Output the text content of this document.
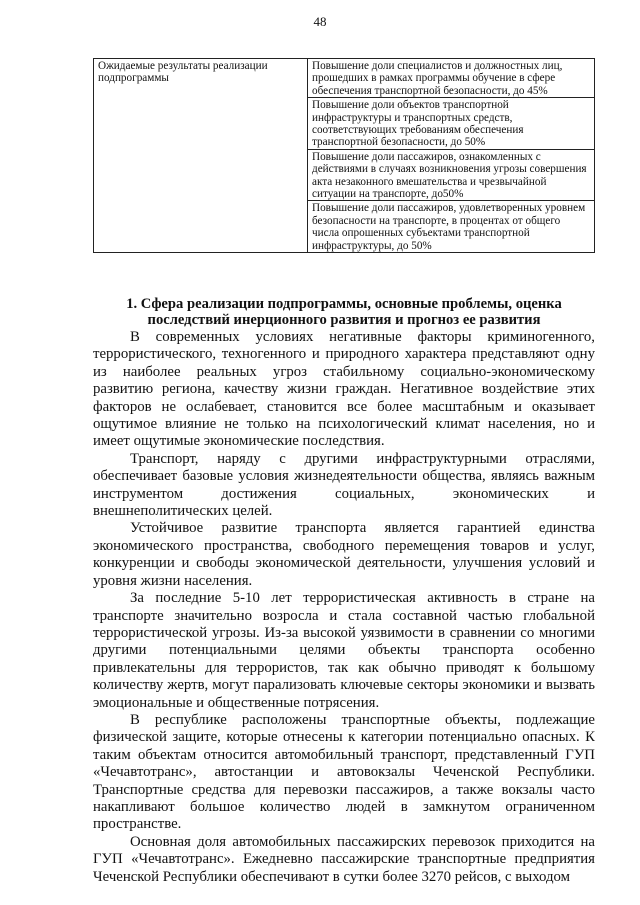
48
Ожидаемые результаты реализации подпрограммы	Повышение доли специалистов и должностных лиц, прошедших в рамках программы обучение в сфере обеспечения транспортной безопасности, до 45%
Повышение доли объектов транспортной инфраструктуры и транспортных средств, соответствующих требованиям обеспечения транспортной безопасности, до 50%
Повышение доли пассажиров, ознакомленных с действиями в случаях возникновения угрозы совершения акта незаконного вмешательства и чрезвычайной ситуации на транспорте, до50%
Повышение доли пассажиров, удовлетворенных уровнем безопасности на транспорте, в процентах от общего числа опрошенных субъектами транспортной инфраструктуры, до 50%
1. Сфера реализации подпрограммы, основные проблемы, оценка
последствий инерционного развития и прогноз ее развития

В современных условиях негативные факторы криминогенного, террористического, техногенного и природного характера представляют одну из наиболее реальных угроз стабильному социально-экономическому развитию региона, качеству жизни граждан. Негативное воздействие этих факторов не ослабевает, становится все более масштабным и оказывает ощутимое влияние не только на психологический климат населения, но и имеет ощутимые экономические последствия.

Транспорт, наряду с другими инфраструктурными отраслями, обеспечивает базовые условия жизнедеятельности общества, являясь важным инструментом достижения социальных, экономических и внешнеполитических целей.

Устойчивое развитие транспорта является гарантией единства экономического пространства, свободного перемещения товаров и услуг, конкуренции и свободы экономической деятельности, улучшения условий и уровня жизни населения.

За последние 5-10 лет террористическая активность в стране на транспорте значительно возросла и стала составной частью глобальной террористической угрозы. Из-за высокой уязвимости в сравнении со многими другими потенциальными целями объекты транспорта особенно привлекательны для террористов, так как обычно приводят к большому количеству жертв, могут парализовать ключевые секторы экономики и вызвать эмоциональные и общественные потрясения.

В республике расположены транспортные объекты, подлежащие физической защите, которые отнесены к категории потенциально опасных. К таким объектам относится автомобильный транспорт, представленный ГУП «Чечавтотранс», автостанции и автовокзалы Чеченской Республики. Транспортные средства для перевозки пассажиров, а также вокзалы часто накапливают большое количество людей в замкнутом ограниченном пространстве.

Основная доля автомобильных пассажирских перевозок приходится на ГУП «Чечавтотранс». Ежедневно пассажирские транспортные предприятия Чеченской Республики обеспечивают в сутки более 3270 рейсов, с выходом
